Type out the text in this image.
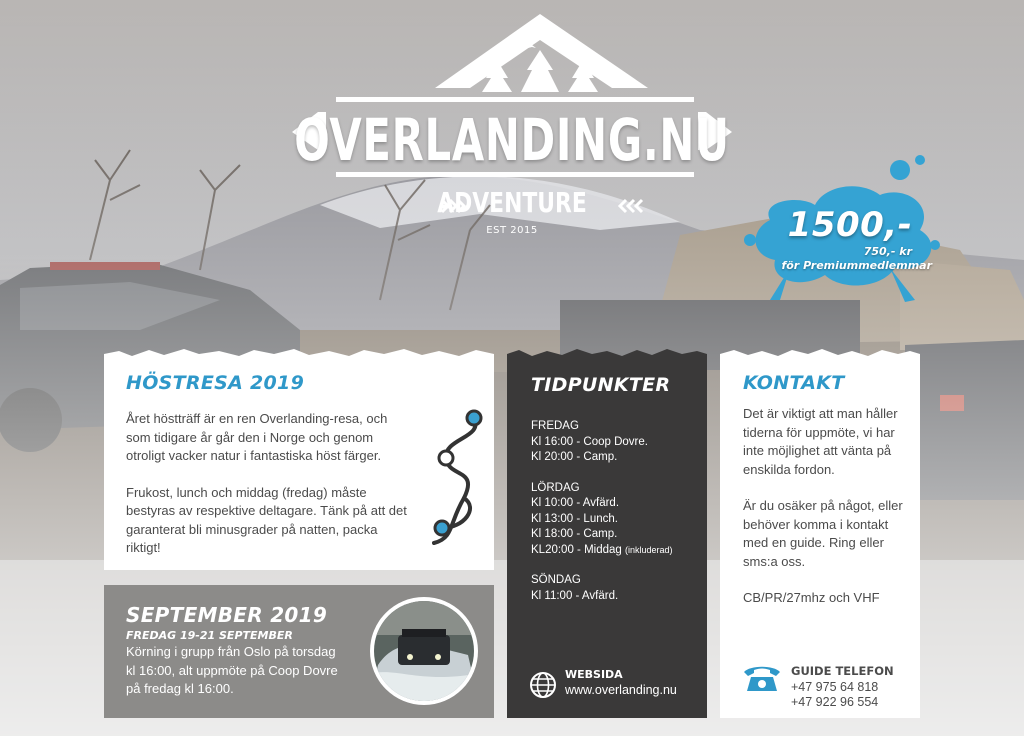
OVERLANDING.NU
ADVENTURE
EST 2015	1500,-
750,- kr
för Premiummedlemmar
HÖSTRESA 2019

Året höstträff är en ren Overlanding-resa, och som tidigare år går den i Norge och genom otroligt vacker natur i fantastiska höst färger.

Frukost, lunch och middag (fredag) måste bestyras av respektive deltagare. Tänk på att det garanterat bli minusgrader på natten, packa riktigt!

SEPTEMBER 2019
FREDAG 19-21 SEPTEMBER

Körning i grupp från Oslo på torsdag kl 16:00, alt uppmöte på Coop Dovre på fredag kl 16:00.

TIDPUNKTER

FREDAG

Kl 16:00 - Coop Dovre.

Kl 20:00 - Camp.

LÖRDAG

Kl 10:00 - Avfärd.

Kl 13:00 - Lunch.

Kl 18:00 - Camp.

KL20:00 - Middag (inkluderad)

SÖNDAG

Kl 11:00 - Avfärd.

WEBSIDA
www.overlanding.nu
KONTAKT

Det är viktigt att man håller tiderna för uppmöte, vi har inte möjlighet att vänta på enskilda fordon.

Är du osäker på något, eller behöver komma i kontakt med en guide. Ring eller sms:a oss.

CB/PR/27mhz och VHF

GUIDE TELEFON
+47 975 64 818
+47 922 96 554
